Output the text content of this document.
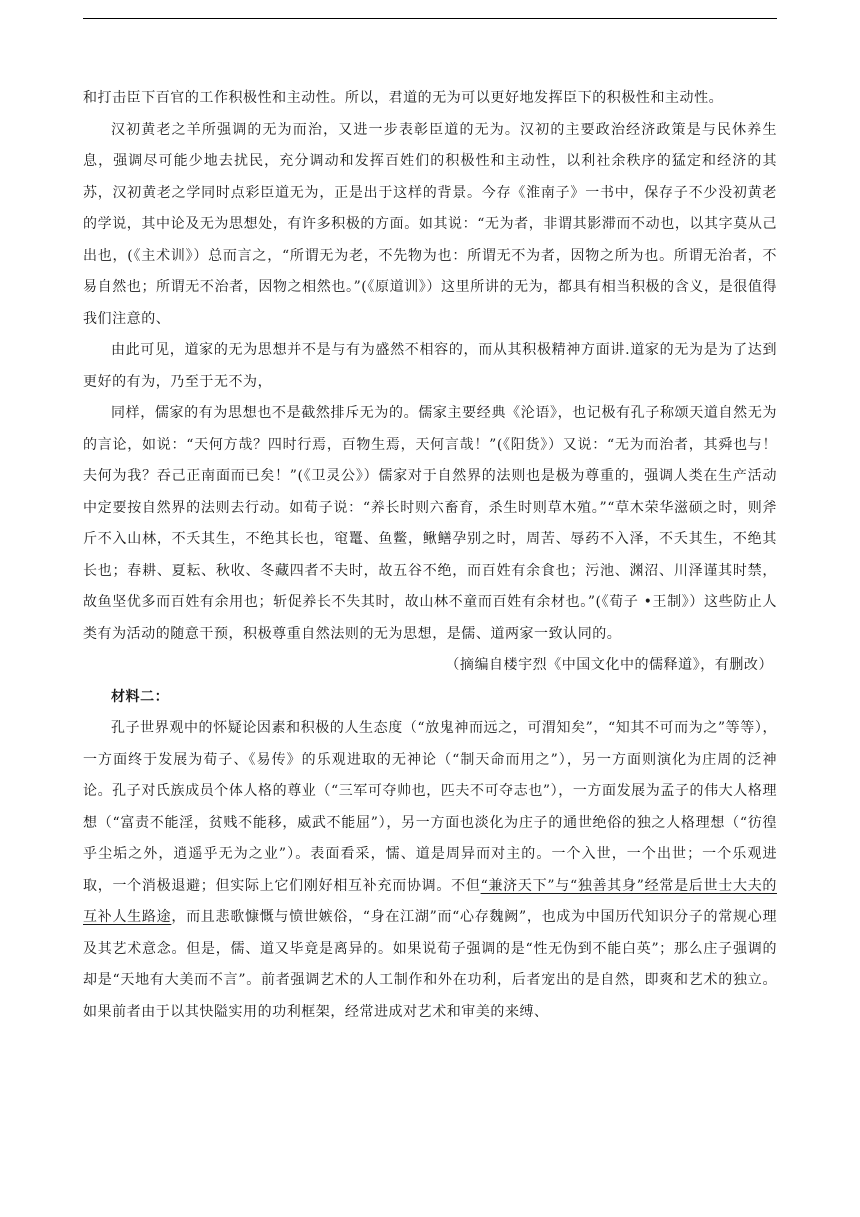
和打击臣下百官的工作积极性和主动性。所以，君道的无为可以更好地发挥臣下的积极性和主动性。

汉初黄老之羊所强调的无为而治，又进一步表彰臣道的无为。汉初的主要政治经济政策是与民休养生息，强调尽可能少地去扰民，充分调动和发挥百姓们的积极性和主动性，以利社余秩序的猛定和经济的其苏，汉初黄老之学同时点彩臣道无为，正是出于这样的背景。今存《淮南子》一书中，保存子不少没初黄老的学说，其中论及无为思想处，有许多积极的方面。如其说：“无为者，非谓其影滞而不动也，以其字莫从己出也，(《主术训》）总而言之，“所谓无为老，不先物为也：所谓无不为者，因物之所为也。所谓无治者，不易自然也；所谓无不治者，因物之相然也。”(《原道训》）这里所讲的无为，都具有相当积极的含义，是很值得我们注意的、

由此可见，道家的无为思想并不是与有为盛然不相容的，而从其积极精神方面讲.道家的无为是为了达到更好的有为，乃至于无不为，

同样，儒家的有为思想也不是截然排斥无为的。儒家主要经典《沦语》，也记极有孔子称颂天道自然无为的言论，如说：“天何方哉？四时行焉，百物生焉，天何言哉！”(《阳货》）又说：“无为而治者，其舜也与！夫何为我？吞己正南面而已矣！”(《卫灵公》）儒家对于自然界的法则也是极为尊重的，强调人类在生产活动中定要按自然界的法则去行动。如荀子说：“养长时则六畜育，杀生时则草木殖。”“草木荣华滋硕之时，则斧斤不入山林，不夭其生，不绝其长也，窀鼍、鱼鳖，鳅鳝孕别之时，周苦、辱药不入泽，不夭其生，不绝其长也；春耕、夏耘、秋收、冬藏四者不夫时，故五谷不绝，而百姓有余食也；污池、渊沼、川泽谨其时禁，故鱼坚优多而百姓有余用也；斩促养长不失其时，故山林不童而百姓有余材也。”(《荀子 •王制》）这些防止人类有为活动的随意干预，积极尊重自然法则的无为思想，是儒、道两家一致认同的。

（摘编自楼宇烈《中国文化中的儒释道》，有删改）

材料二：

孔子世界观中的怀疑论因素和积极的人生态度（“放鬼神而远之，可渭知矣”，“知其不可而为之”等等），一方面终于发展为荀子、《易传》的乐观进取的无神论（“制天命而用之”），另一方面则演化为庄周的泛神论。孔子对氏族成员个体人格的尊业（“三军可夺帅也，匹夫不可夺志也”），一方面发展为孟子的伟大人格理想（“富责不能淫，贫贱不能移，威武不能屈”），另一方面也淡化为庄子的通世绝俗的独之人格理想（“彷徨乎尘垢之外，逍遥乎无为之业”）。表面看采，懦、道是周异而对主的。一个入世，一个出世；一个乐观进取，一个消极退避；但实际上它们刚好相互补充而协调。不但“兼济天下”与“独善其身”经常是后世士大夫的互补人生路途，而且悲歌慷慨与愤世嫉俗，“身在江湖”而“心存魏阙”，也成为中国历代知识分子的常规心理及其艺术意念。但是，儒、道又毕竟是离异的。如果说荀子强调的是“性无伪到不能白英”；那么庄子强调的却是“天地有大美而不言”。前者强调艺术的人工制作和外在功利，后者宠出的是自然，即爽和艺术的独立。如果前者由于以其快隘实用的功利框架，经常进成对艺术和审美的来缚、
